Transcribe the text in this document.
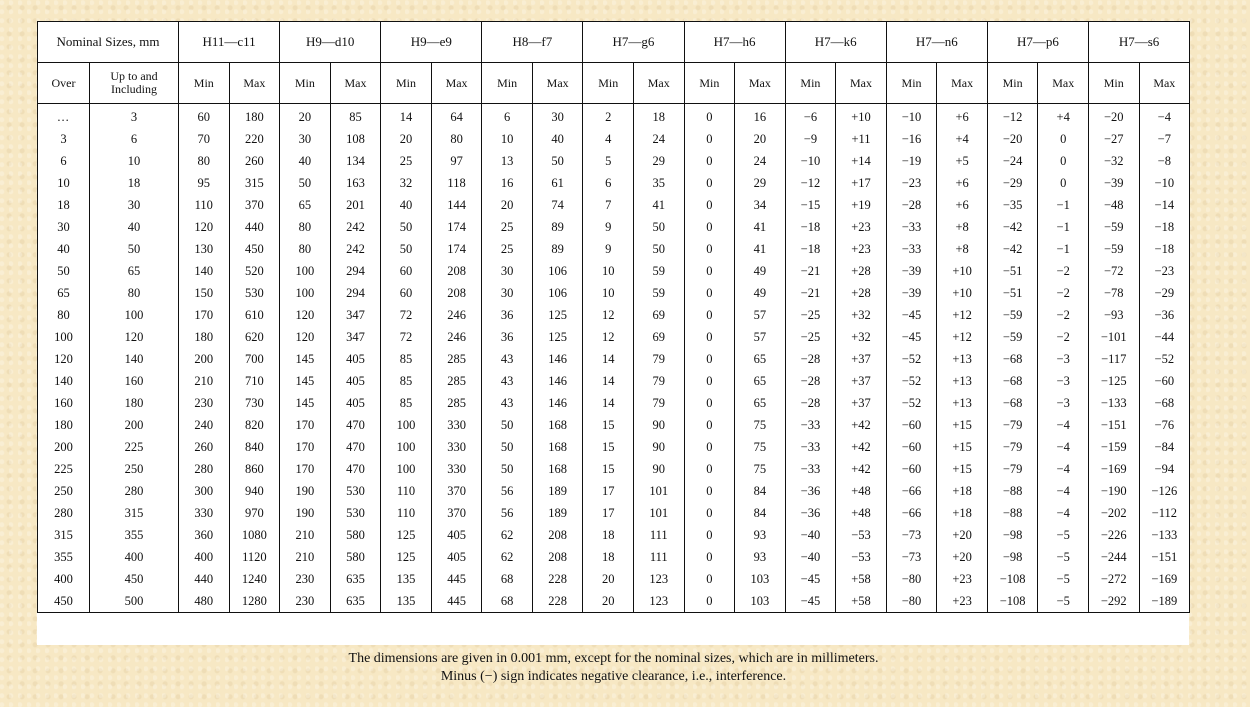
Nominal Sizes, mm		H11—c11		H9—d10		H9—e9		H8—f7		H7—g6		H7—h6		H7—k6		H7—n6		H7—p6		H7—s6	
Over	Up to and Including	Min	Max	Min	Max	Min	Max	Min	Max	Min	Max	Min	Max	Min	Max	Min	Max	Min	Max	Min	Max
...	3	60	180	20	85	14	64	6	30	2	18	0	16	−6	+10	−10	+6	−12	+4	−20	−4
3	6	70	220	30	108	20	80	10	40	4	24	0	20	−9	+11	−16	+4	−20	0	−27	−7
6	10	80	260	40	134	25	97	13	50	5	29	0	24	−10	+14	−19	+5	−24	0	−32	−8
10	18	95	315	50	163	32	118	16	61	6	35	0	29	−12	+17	−23	+6	−29	0	−39	−10
18	30	110	370	65	201	40	144	20	74	7	41	0	34	−15	+19	−28	+6	−35	−1	−48	−14
30	40	120	440	80	242	50	174	25	89	9	50	0	41	−18	+23	−33	+8	−42	−1	−59	−18
40	50	130	450	80	242	50	174	25	89	9	50	0	41	−18	+23	−33	+8	−42	−1	−59	−18
50	65	140	520	100	294	60	208	30	106	10	59	0	49	−21	+28	−39	+10	−51	−2	−72	−23
65	80	150	530	100	294	60	208	30	106	10	59	0	49	−21	+28	−39	+10	−51	−2	−78	−29
80	100	170	610	120	347	72	246	36	125	12	69	0	57	−25	+32	−45	+12	−59	−2	−93	−36
100	120	180	620	120	347	72	246	36	125	12	69	0	57	−25	+32	−45	+12	−59	−2	−101	−44
120	140	200	700	145	405	85	285	43	146	14	79	0	65	−28	+37	−52	+13	−68	−3	−117	−52
140	160	210	710	145	405	85	285	43	146	14	79	0	65	−28	+37	−52	+13	−68	−3	−125	−60
160	180	230	730	145	405	85	285	43	146	14	79	0	65	−28	+37	−52	+13	−68	−3	−133	−68
180	200	240	820	170	470	100	330	50	168	15	90	0	75	−33	+42	−60	+15	−79	−4	−151	−76
200	225	260	840	170	470	100	330	50	168	15	90	0	75	−33	+42	−60	+15	−79	−4	−159	−84
225	250	280	860	170	470	100	330	50	168	15	90	0	75	−33	+42	−60	+15	−79	−4	−169	−94
250	280	300	940	190	530	110	370	56	189	17	101	0	84	−36	+48	−66	+18	−88	−4	−190	−126
280	315	330	970	190	530	110	370	56	189	17	101	0	84	−36	+48	−66	+18	−88	−4	−202	−112
315	355	360	1080	210	580	125	405	62	208	18	111	0	93	−40	−53	−73	+20	−98	−5	−226	−133
355	400	400	1120	210	580	125	405	62	208	18	111	0	93	−40	−53	−73	+20	−98	−5	−244	−151
400	450	440	1240	230	635	135	445	68	228	20	123	0	103	−45	+58	−80	+23	−108	−5	−272	−169
450	500	480	1280	230	635	135	445	68	228	20	123	0	103	−45	+58	−80	+23	−108	−5	−292	−189
The dimensions are given in 0.001 mm, except for the nominal sizes, which are in millimeters.
Minus (−) sign indicates negative clearance, i.e., interference.
